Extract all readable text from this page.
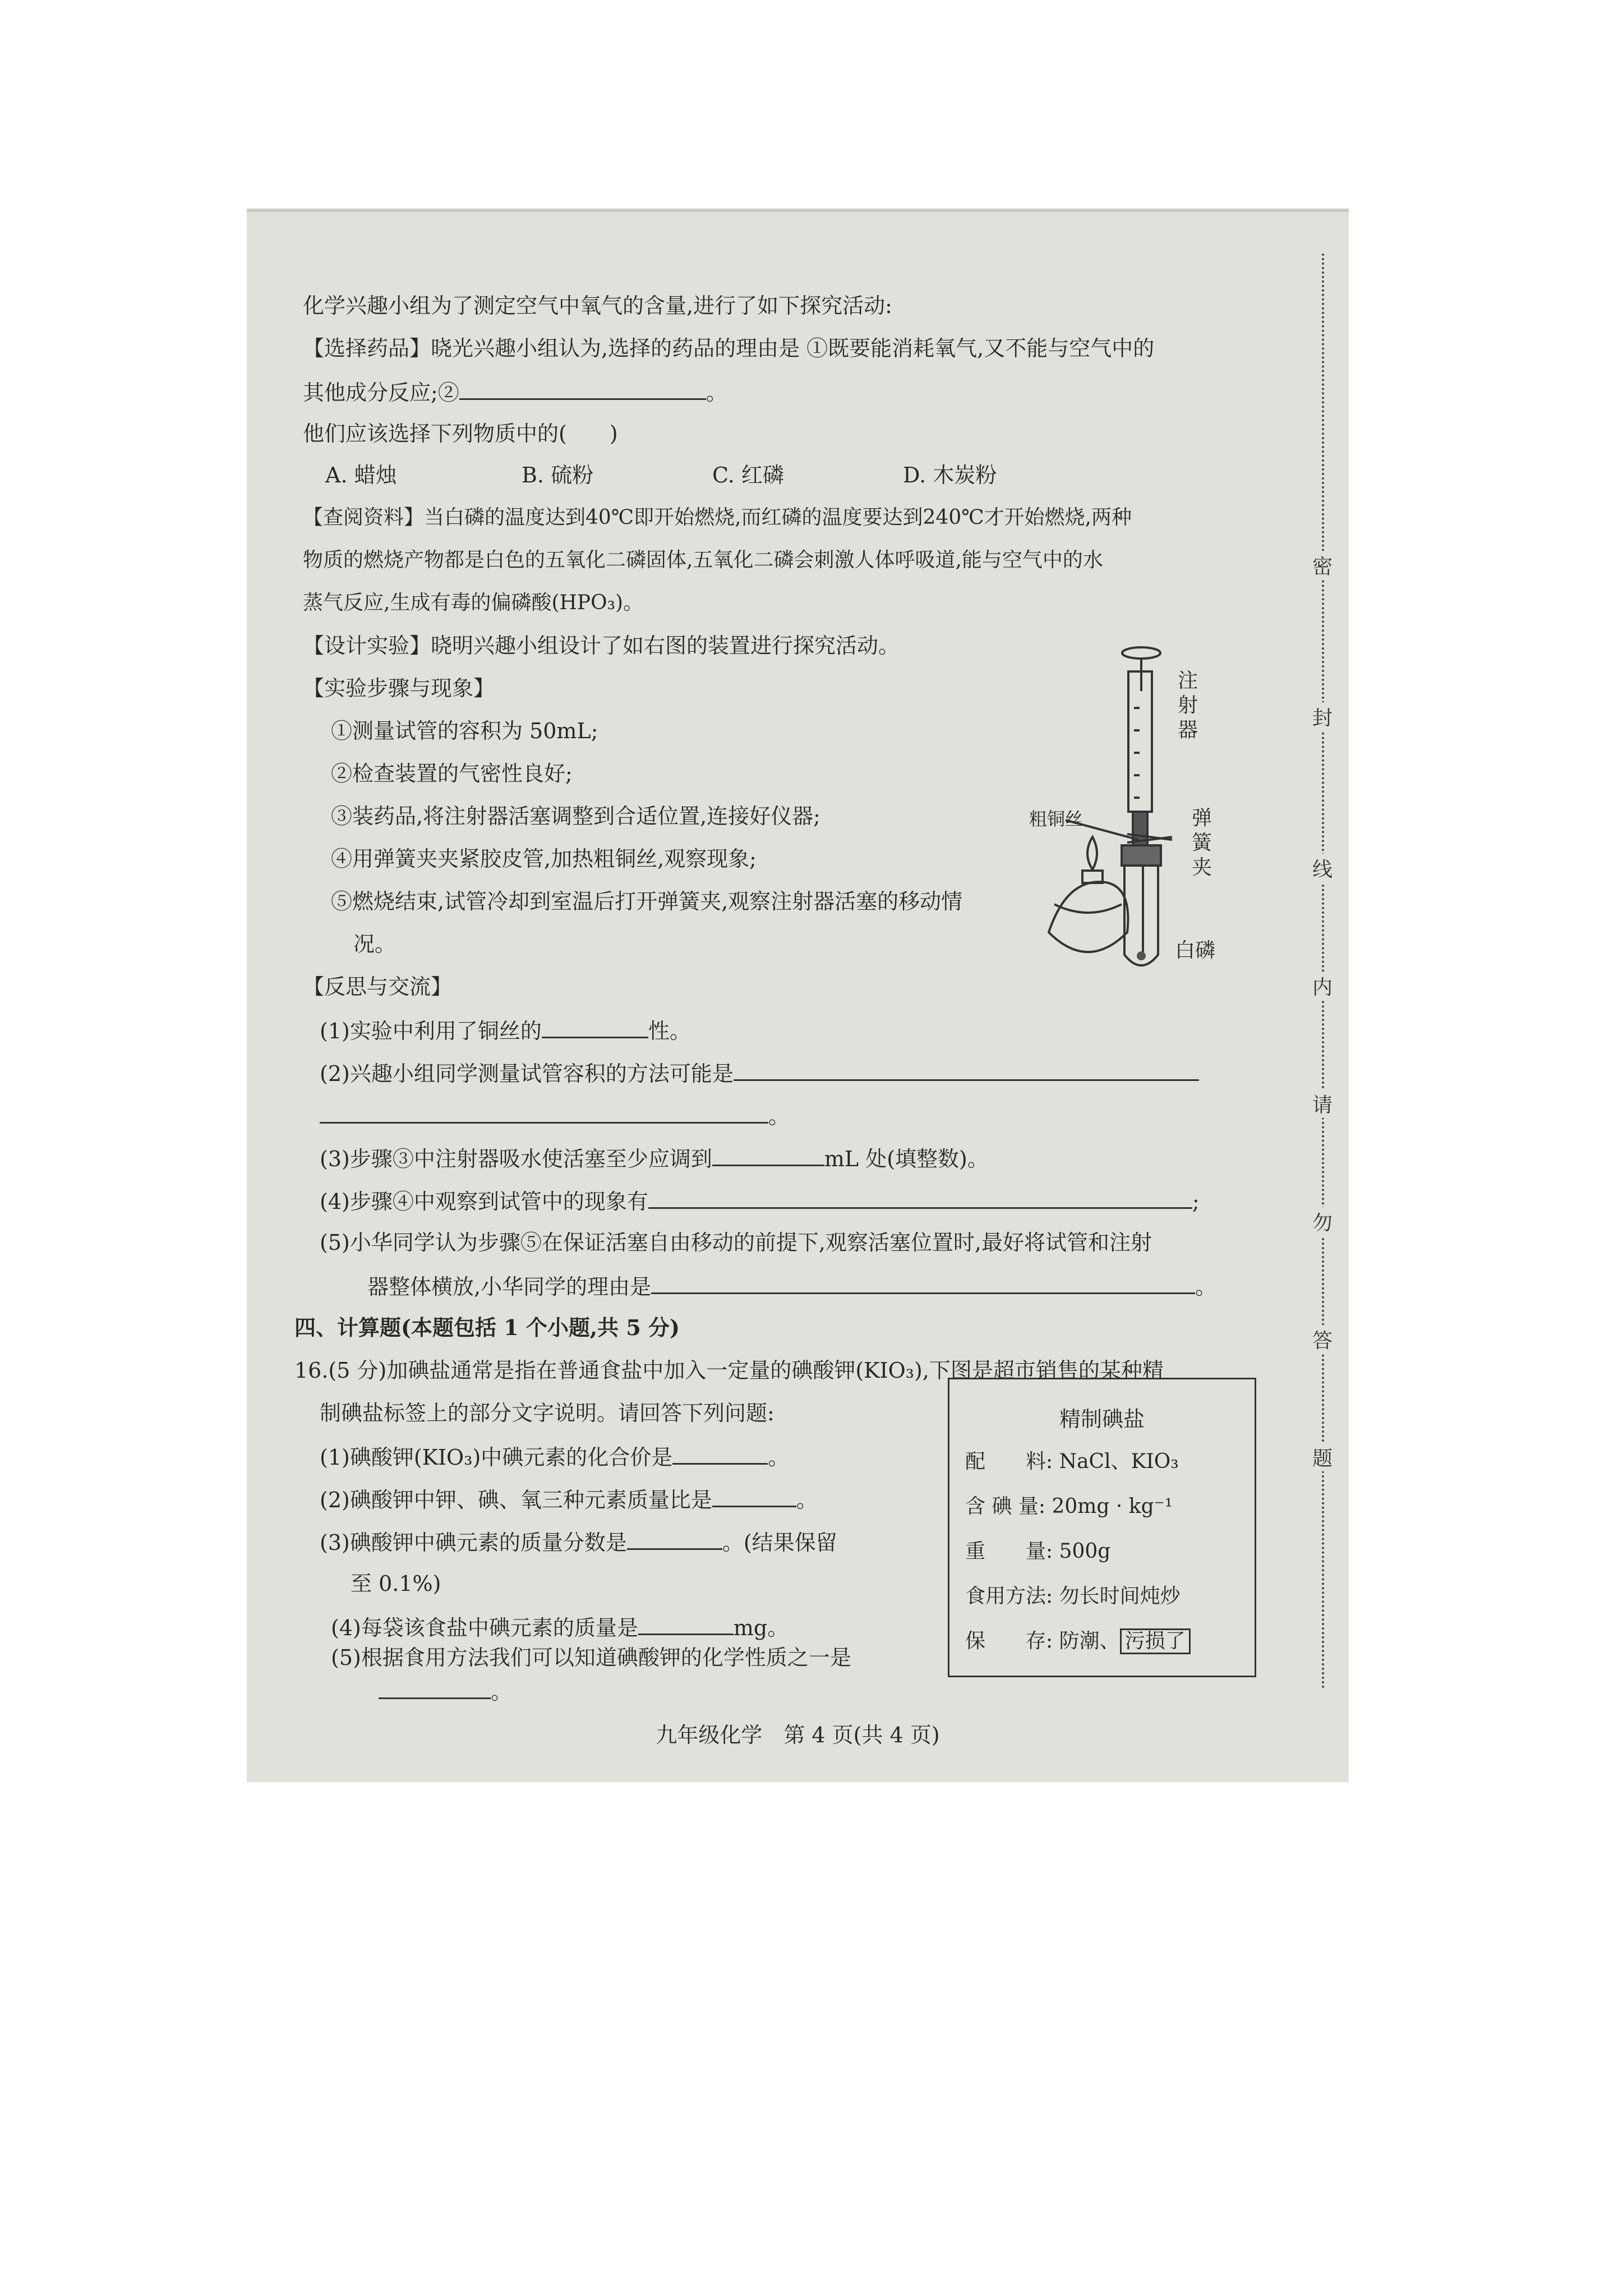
化学兴趣小组为了测定空气中氧气的含量,进行了如下探究活动:
【选择药品】晓光兴趣小组认为,选择的药品的理由是 ①既要能消耗氧气,又不能与空气中的
其他成分反应;②	。
他们应该选择下列物质中的(　　)
A. 蜡烛	B. 硫粉	C. 红磷	D. 木炭粉
【查阅资料】当白磷的温度达到40℃即开始燃烧,而红磷的温度要达到240℃才开始燃烧,两种
物质的燃烧产物都是白色的五氧化二磷固体,五氧化二磷会刺激人体呼吸道,能与空气中的水
蒸气反应,生成有毒的偏磷酸(HPO₃)。
【设计实验】晓明兴趣小组设计了如右图的装置进行探究活动。
【实验步骤与现象】
①测量试管的容积为 50mL;
②检查装置的气密性良好;
③装药品,将注射器活塞调整到合适位置,连接好仪器;
④用弹簧夹夹紧胶皮管,加热粗铜丝,观察现象;
⑤燃烧结束,试管冷却到室温后打开弹簧夹,观察注射器活塞的移动情
况。
注
射
器
粗铜丝	弹
簧
夹
白磷
【反思与交流】
(1)实验中利用了铜丝的	性。
(2)兴趣小组同学测量试管容积的方法可能是
。
(3)步骤③中注射器吸水使活塞至少应调到	mL 处(填整数)。
(4)步骤④中观察到试管中的现象有	;
(5)小华同学认为步骤⑤在保证活塞自由移动的前提下,观察活塞位置时,最好将试管和注射
器整体横放,小华同学的理由是	。
四、计算题(本题包括 1 个小题,共 5 分)
16.(5 分)加碘盐通常是指在普通食盐中加入一定量的碘酸钾(KIO₃),下图是超市销售的某种精
制碘盐标签上的部分文字说明。请回答下列问题:
(1)碘酸钾(KIO₃)中碘元素的化合价是	。
(2)碘酸钾中钾、碘、氧三种元素质量比是	。
(3)碘酸钾中碘元素的质量分数是	。(结果保留
至 0.1%)
(4)每袋该食盐中碘元素的质量是	mg。
(5)根据食用方法我们可以知道碘酸钾的化学性质之一是
精制碘盐
配　　料: NaCl、KIO₃
含 碘 量: 20mg · kg⁻¹
重　　量: 500g
食用方法: 勿长时间炖炒
保　　存: 防潮、 污损了
。
九年级化学　第 4 页(共 4 页)
密
封
线
内
请
勿
答
题
